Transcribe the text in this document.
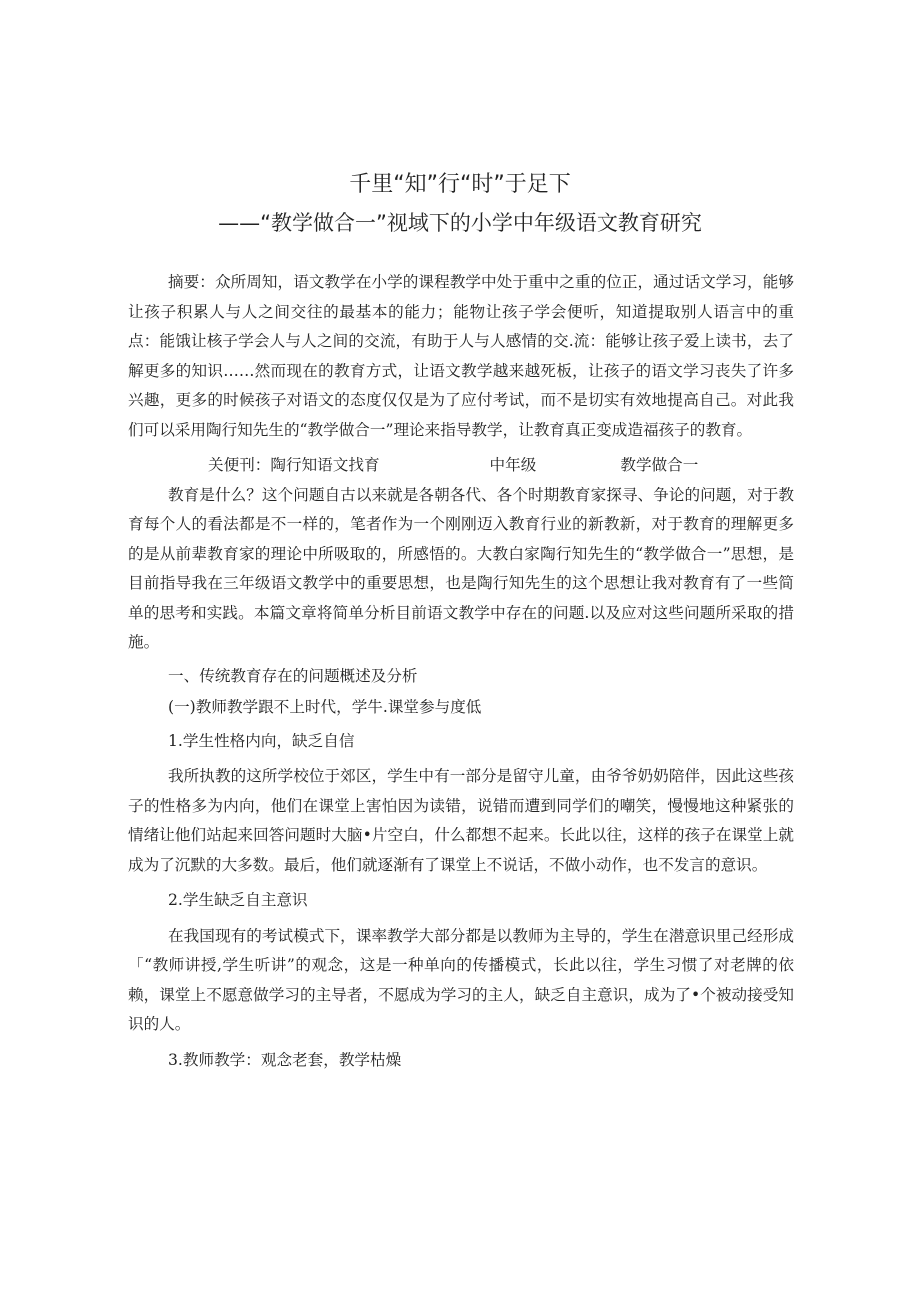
千里“知”行“时”于足下
——“教学做合一”视域下的小学中年级语文教育研究

摘要：众所周知，语文教学在小学的课程教学中处于重中之重的位正，通过话文学习，能够让孩子积累人与人之间交往的最基本的能力；能物让孩子学会便听，知道提取别人语言中的重点：能饿让核子学会人与人之间的交流，有助于人与人感情的交.流：能够让孩子爱上读书，去了解更多的知识……然而现在的教育方式，让语文教学越来越死板，让孩子的语文学习丧失了许多兴趣，更多的时候孩子对语文的态度仅仅是为了应付考试，而不是切实有效地提高自己。对此我们可以采用陶行知先生的“教学做合一”理论来指导教学，让教育真正变成造福孩子的教育。

关便刊：陶行知语文找育	中年级	教学做合一

教育是什么？这个问题自古以来就是各朝各代、各个时期教育家探寻、争论的问题，对于教育每个人的看法都是不一样的，笔者作为一个刚刚迈入教育行业的新教新，对于教育的理解更多的是从前辈教育家的理论中所吸取的，所感悟的。大教白家陶行知先生的“教学做合一”思想，是目前指导我在三年级语文教学中的重要思想，也是陶行知先生的这个思想让我对教育有了一些简单的思考和实践。本篇文章将简单分析目前语文教学中存在的问题.以及应对这些问题所采取的措施。

一、传统教育存在的问题概述及分析

(一)教师教学跟不上时代，学牛.课堂参与度低

1.学生性格内向，缺乏自信

我所执教的这所学校位于郊区，学生中有一部分是留守儿童，由爷爷奶奶陪伴，因此这些孩子的性格多为内向，他们在课堂上害怕因为读错，说错而遭到同学们的嘲笑，慢慢地这种紧张的情绪让他们站起来回答问题时大脑•片空白，什么都想不起来。长此以往，这样的孩子在课堂上就成为了沉默的大多数。最后，他们就逐渐有了课堂上不说话，不做小动作，也不发言的意识。

2.学生缺乏自主意识

在我国现有的考试模式下，课率教学大部分都是以教师为主导的，学生在潜意识里己经形成「“教师讲授,学生听讲”的观念，这是一种单向的传播模式，长此以往，学生习惯了对老牌的依赖，课堂上不愿意做学习的主导者，不愿成为学习的主人，缺乏自主意识，成为了•个被动接受知识的人。

3.教师教学：观念老套，教学枯燥
